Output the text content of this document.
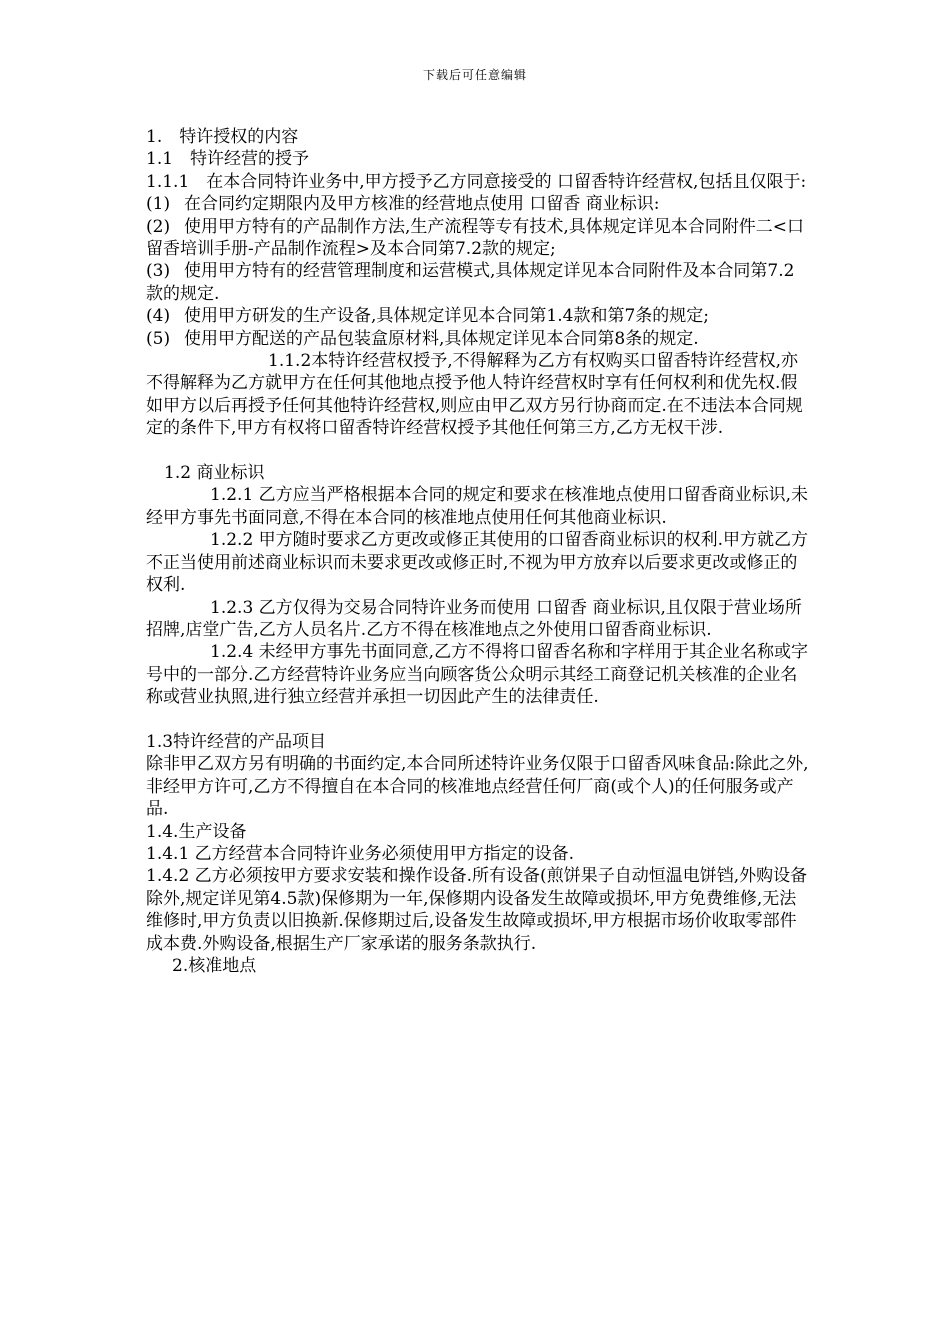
下载后可任意编辑

1.　特许授权的内容

1.1　特许经营的授予

1.1.1　在本合同特许业务中,甲方授予乙方同意接受的 口留香特许经营权,包括且仅限于:

(1) 在合同约定期限内及甲方核准的经营地点使用 口留香 商业标识:

(2) 使用甲方特有的产品制作方法,生产流程等专有技术,具体规定详见本合同附件二<口留香培训手册-产品制作流程>及本合同第7.2款的规定;

(3) 使用甲方特有的经营管理制度和运营模式,具体规定详见本合同附件及本合同第7.2款的规定.

(4) 使用甲方研发的生产设备,具体规定详见本合同第1.4款和第7条的规定;

(5) 使用甲方配送的产品包装盒原材料,具体规定详见本合同第8条的规定.

1.1.2本特许经营权授予,不得解释为乙方有权购买口留香特许经营权,亦不得解释为乙方就甲方在任何其他地点授予他人特许经营权时享有任何权利和优先权.假如甲方以后再授予任何其他特许经营权,则应由甲乙双方另行协商而定.在不违法本合同规定的条件下,甲方有权将口留香特许经营权授予其他任何第三方,乙方无权干涉.

1.2 商业标识

1.2.1 乙方应当严格根据本合同的规定和要求在核准地点使用口留香商业标识,未经甲方事先书面同意,不得在本合同的核准地点使用任何其他商业标识.

1.2.2 甲方随时要求乙方更改或修正其使用的口留香商业标识的权利.甲方就乙方不正当使用前述商业标识而未要求更改或修正时,不视为甲方放弃以后要求更改或修正的权利.

1.2.3 乙方仅得为交易合同特许业务而使用 口留香 商业标识,且仅限于营业场所招牌,店堂广告,乙方人员名片.乙方不得在核准地点之外使用口留香商业标识.

1.2.4 未经甲方事先书面同意,乙方不得将口留香名称和字样用于其企业名称或字号中的一部分.乙方经营特许业务应当向顾客货公众明示其经工商登记机关核准的企业名称或营业执照,进行独立经营并承担一切因此产生的法律责任.

1.3特许经营的产品项目

除非甲乙双方另有明确的书面约定,本合同所述特许业务仅限于口留香风味食品:除此之外,非经甲方许可,乙方不得擅自在本合同的核准地点经营任何厂商(或个人)的任何服务或产品.

1.4.生产设备

1.4.1 乙方经营本合同特许业务必须使用甲方指定的设备.

1.4.2 乙方必须按甲方要求安装和操作设备.所有设备(煎饼果子自动恒温电饼铛,外购设备除外,规定详见第4.5款)保修期为一年,保修期内设备发生故障或损坏,甲方免费维修,无法维修时,甲方负责以旧换新.保修期过后,设备发生故障或损坏,甲方根据市场价收取零部件成本费.外购设备,根据生产厂家承诺的服务条款执行.

2.核准地点
